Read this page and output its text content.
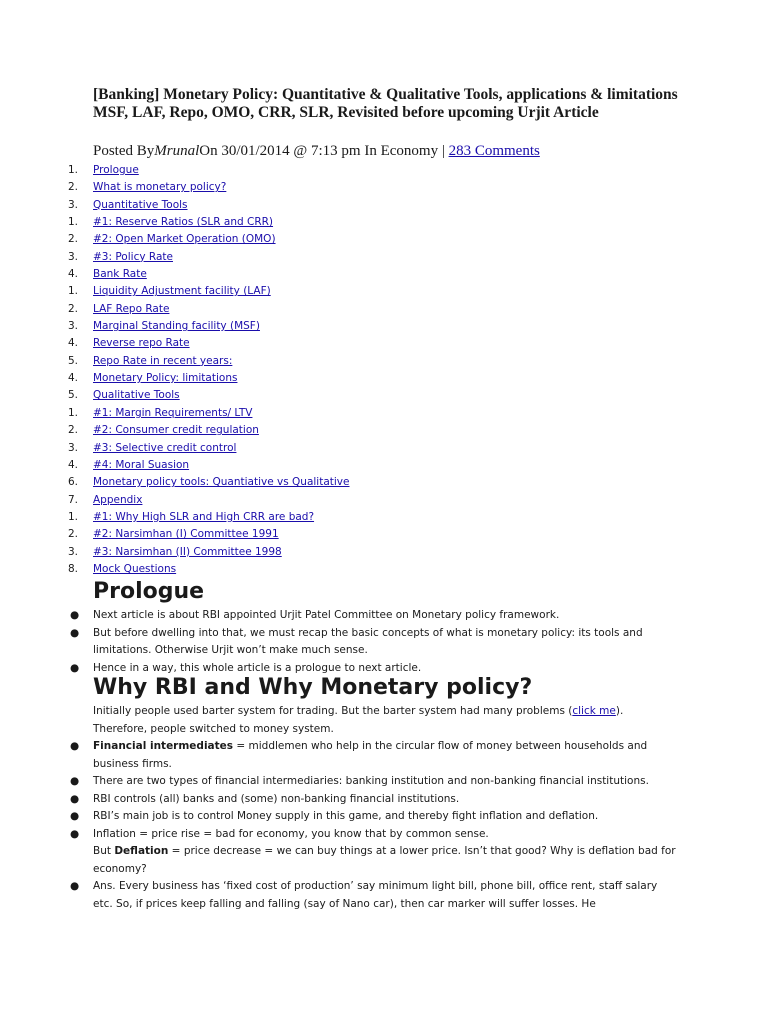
[Banking] Monetary Policy: Quantitative & Qualitative Tools, applications & limitations MSF, LAF, Repo, OMO, CRR, SLR, Revisited before upcoming Urjit Article
Posted ByMrunalOn 30/01/2014 @ 7:13 pm In Economy | 283 Comments
1.	Prologue
2.	What is monetary policy?
3.	Quantitative Tools
1.	#1: Reserve Ratios (SLR and CRR)
2.	#2: Open Market Operation (OMO)
3.	#3: Policy Rate
4.	Bank Rate
1.	Liquidity Adjustment facility (LAF)
2.	LAF Repo Rate
3.	Marginal Standing facility (MSF)
4.	Reverse repo Rate
5.	Repo Rate in recent years:
4.	Monetary Policy: limitations
5.	Qualitative Tools
1.	#1: Margin Requirements/ LTV
2.	#2: Consumer credit regulation
3.	#3: Selective credit control
4.	#4: Moral Suasion
6.	Monetary policy tools: Quantiative vs Qualitative
7.	Appendix
1.	#1: Why High SLR and High CRR are bad?
2.	#2: Narsimhan (I) Committee 1991
3.	#3: Narsimhan (II) Committee 1998
8.	Mock Questions
Prologue
● Next article is about RBI appointed Urjit Patel Committee on Monetary policy framework.
● But before dwelling into that, we must recap the basic concepts of what is monetary policy: its tools and limitations. Otherwise Urjit won’t make much sense.
● Hence in a way, this whole article is a prologue to next article.
Why RBI and Why Monetary policy?
Initially people used barter system for trading. But the barter system had many problems (click me).
Therefore, people switched to money system.
● Financial intermediates = middlemen who help in the circular flow of money between households and business firms.
● There are two types of financial intermediaries: banking institution and non-banking financial institutions.
● RBI controls (all) banks and (some) non-banking financial institutions.
● RBI’s main job is to control Money supply in this game, and thereby fight inflation and deflation.
● Inflation = price rise = bad for economy, you know that by common sense.
But Deflation = price decrease = we can buy things at a lower price. Isn’t that good? Why is deflation bad for economy?
● Ans. Every business has ‘fixed cost of production’ say minimum light bill, phone bill, office rent, staff salary etc. So, if prices keep falling and falling (say of Nano car), then car marker will suffer losses. He
